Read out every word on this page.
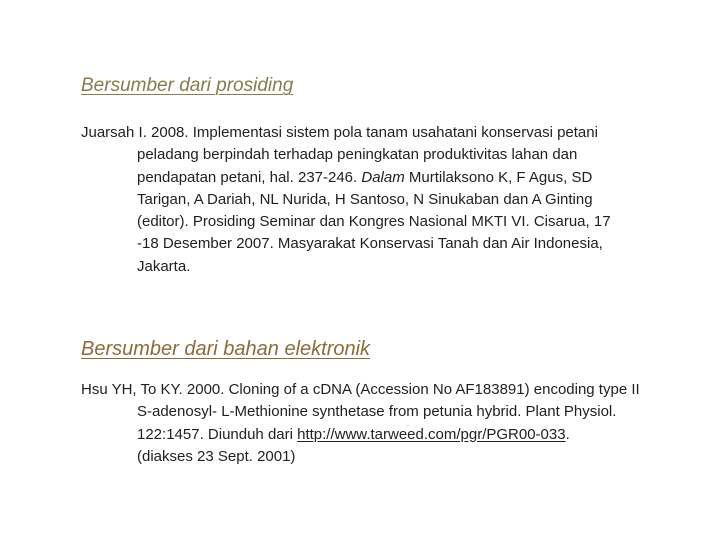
Bersumber dari prosiding

Juarsah I. 2008. Implementasi sistem pola tanam usahatani konservasi petani
peladang berpindah terhadap peningkatan produktivitas lahan dan
pendapatan petani, hal. 237-246. Dalam Murtilaksono K, F Agus, SD
Tarigan, A Dariah, NL Nurida, H Santoso, N Sinukaban dan A Ginting
(editor). Prosiding Seminar dan Kongres Nasional MKTI VI. Cisarua, 17
-18 Desember 2007. Masyarakat Konservasi Tanah dan Air Indonesia,
Jakarta.

Bersumber dari bahan elektronik

Hsu YH, To KY. 2000. Cloning of a cDNA (Accession No AF183891) encoding type II
S-adenosyl- L-Methionine synthetase from petunia hybrid. Plant Physiol.
122:1457. Diunduh dari http://www.tarweed.com/pgr/PGR00-033.
(diakses 23 Sept. 2001)
